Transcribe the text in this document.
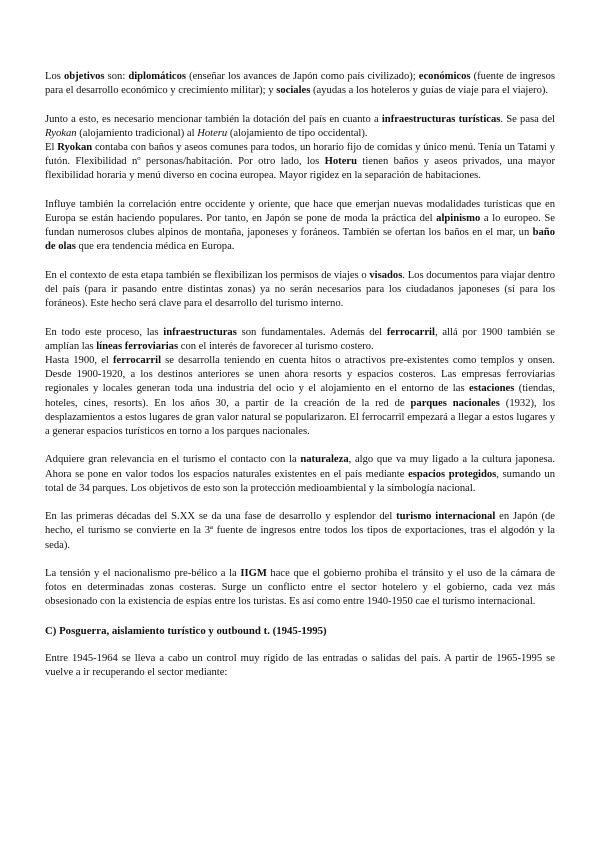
Los objetivos son: diplomáticos (enseñar los avances de Japón como país civilizado); económicos (fuente de ingresos para el desarrollo económico y crecimiento militar); y sociales (ayudas a los hoteleros y guías de viaje para el viajero).
Junto a esto, es necesario mencionar también la dotación del país en cuanto a infraestructuras turísticas. Se pasa del Ryokan (alojamiento tradicional) al Hoteru (alojamiento de tipo occidental).
El Ryokan contaba con baños y aseos comunes para todos, un horario fijo de comidas y único menú. Tenía un Tatami y futón. Flexibilidad nº personas/habitación. Por otro lado, los Hoteru tienen baños y aseos privados, una mayor flexibilidad horaria y menú diverso en cocina europea. Mayor rigidez en la separación de habitaciones.
Influye también la correlación entre occidente y oriente, que hace que emerjan nuevas modalidades turísticas que en Europa se están haciendo populares. Por tanto, en Japón se pone de moda la práctica del alpinismo a lo europeo. Se fundan numerosos clubes alpinos de montaña, japoneses y foráneos. También se ofertan los baños en el mar, un baño de olas que era tendencia médica en Europa.
En el contexto de esta etapa también se flexibilizan los permisos de viajes o visados. Los documentos para viajar dentro del país (para ir pasando entre distintas zonas) ya no serán necesarios para los ciudadanos japoneses (sí para los foráneos). Este hecho será clave para el desarrollo del turismo interno.
En todo este proceso, las infraestructuras son fundamentales. Además del ferrocarril, allá por 1900 también se amplían las líneas ferroviarias con el interés de favorecer al turismo costero.
Hasta 1900, el ferrocarril se desarrolla teniendo en cuenta hitos o atractivos pre-existentes como templos y onsen. Desde 1900-1920, a los destinos anteriores se unen ahora resorts y espacios costeros. Las empresas ferroviarias regionales y locales generan toda una industria del ocio y el alojamiento en el entorno de las estaciones (tiendas, hoteles, cines, resorts). En los años 30, a partir de la creación de la red de parques nacionales (1932), los desplazamientos a estos lugares de gran valor natural se popularizaron. El ferrocarril empezará a llegar a estos lugares y a generar espacios turísticos en torno a los parques nacionales.
Adquiere gran relevancia en el turismo el contacto con la naturaleza, algo que va muy ligado a la cultura japonesa. Ahora se pone en valor todos los espacios naturales existentes en el país mediante espacios protegidos, sumando un total de 34 parques. Los objetivos de esto son la protección medioambiental y la simbología nacional.
En las primeras décadas del S.XX se da una fase de desarrollo y esplendor del turismo internacional en Japón (de hecho, el turismo se convierte en la 3ª fuente de ingresos entre todos los tipos de exportaciones, tras el algodón y la seda).
La tensión y el nacionalismo pre-bélico a la IIGM hace que el gobierno prohíba el tránsito y el uso de la cámara de fotos en determinadas zonas costeras. Surge un conflicto entre el sector hotelero y el gobierno, cada vez más obsesionado con la existencia de espías entre los turistas. Es así como entre 1940-1950 cae el turismo internacional.
C) Posguerra, aislamiento turístico y outbound t. (1945-1995)
Entre 1945-1964 se lleva a cabo un control muy rígido de las entradas o salidas del país. A partir de 1965-1995 se vuelve a ir recuperando el sector mediante:
